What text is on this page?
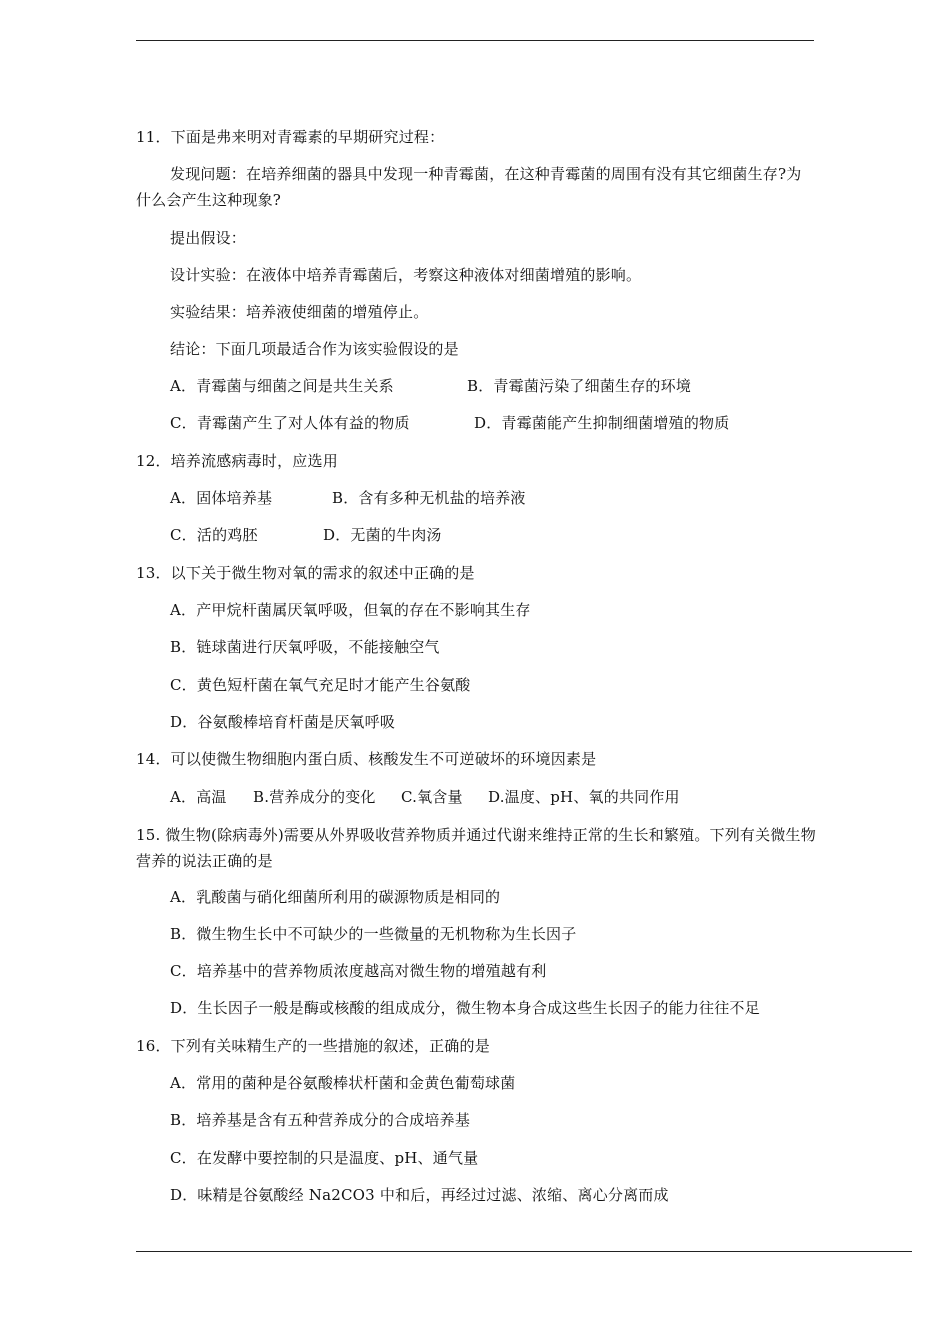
11．下面是弗来明对青霉素的早期研究过程：
发现问题：在培养细菌的器具中发现一种青霉菌，在这种青霉菌的周围有没有其它细菌生存?为什么会产生这种现象?
提出假设：
设计实验：在液体中培养青霉菌后，考察这种液体对细菌增殖的影响。
实验结果：培养液使细菌的增殖停止。
结论：下面几项最适合作为该实验假设的是
A．青霉菌与细菌之间是共生关系	B．青霉菌污染了细菌生存的环境
C．青霉菌产生了对人体有益的物质	D．青霉菌能产生抑制细菌增殖的物质
12．培养流感病毒时，应选用
A．固体培养基	B．含有多种无机盐的培养液
C．活的鸡胚	D．无菌的牛肉汤
13．以下关于微生物对氧的需求的叙述中正确的是
A．产甲烷杆菌属厌氧呼吸，但氧的存在不影响其生存
B．链球菌进行厌氧呼吸，不能接触空气
C．黄色短杆菌在氧气充足时才能产生谷氨酸
D．谷氨酸棒培育杆菌是厌氧呼吸
14．可以使微生物细胞内蛋白质、核酸发生不可逆破坏的环境因素是
A．高温 B.营养成分的变化 C.氧含量 D.温度、pH、氧的共同作用
15. 微生物(除病毒外)需要从外界吸收营养物质并通过代谢来维持正常的生长和繁殖。下列有关微生物营养的说法正确的是
A．乳酸菌与硝化细菌所利用的碳源物质是相同的
B．微生物生长中不可缺少的一些微量的无机物称为生长因子
C．培养基中的营养物质浓度越高对微生物的增殖越有利
D．生长因子一般是酶或核酸的组成成分，微生物本身合成这些生长因子的能力往往不足
16．下列有关味精生产的一些措施的叙述，正确的是
A．常用的菌种是谷氨酸棒状杆菌和金黄色葡萄球菌
B．培养基是含有五种营养成分的合成培养基
C．在发酵中要控制的只是温度、pH、通气量
D．味精是谷氨酸经 Na2CO3 中和后，再经过过滤、浓缩、离心分离而成
